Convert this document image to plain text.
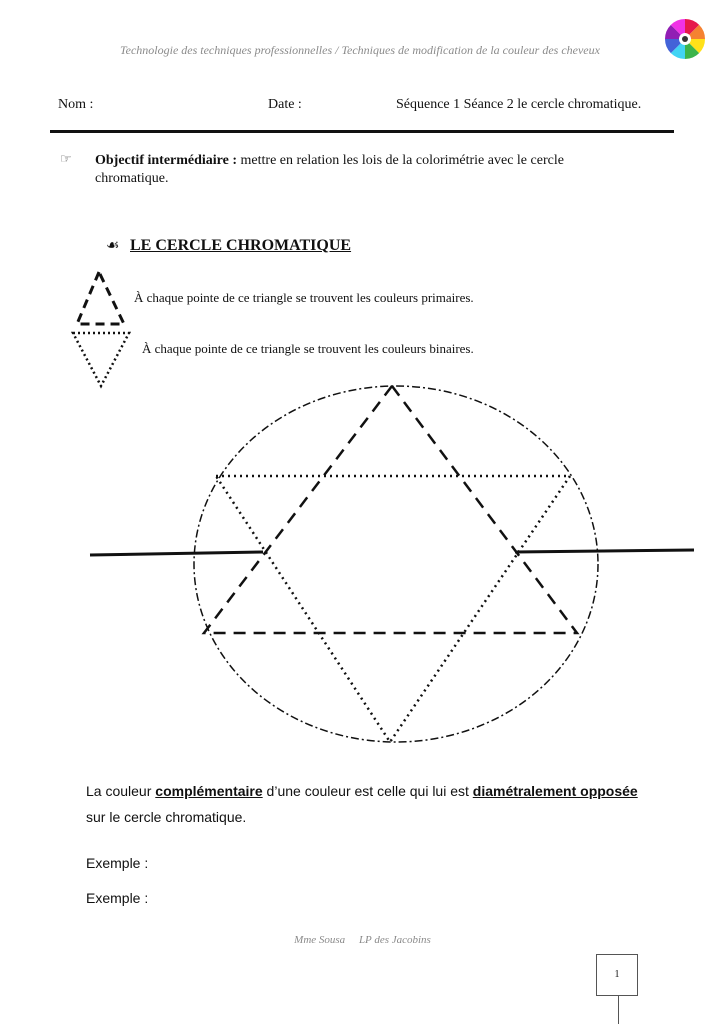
Technologie des techniques professionnelles / Techniques de modification de la couleur des cheveux
Nom :	Date :	Séquence 1 Séance 2 le cercle chromatique.
☞ Objectif intermédiaire : mettre en relation les lois de la colorimétrie avec le cercle chromatique.
☙ LE CERCLE CHROMATIQUE
À chaque pointe de ce triangle se trouvent les couleurs primaires.
À chaque pointe de ce triangle se trouvent les couleurs binaires.
La couleur complémentaire d’une couleur est celle qui lui est diamétralement opposée sur le cercle chromatique.
Exemple :
Exemple :
Mme Sousa LP des Jacobins
1
